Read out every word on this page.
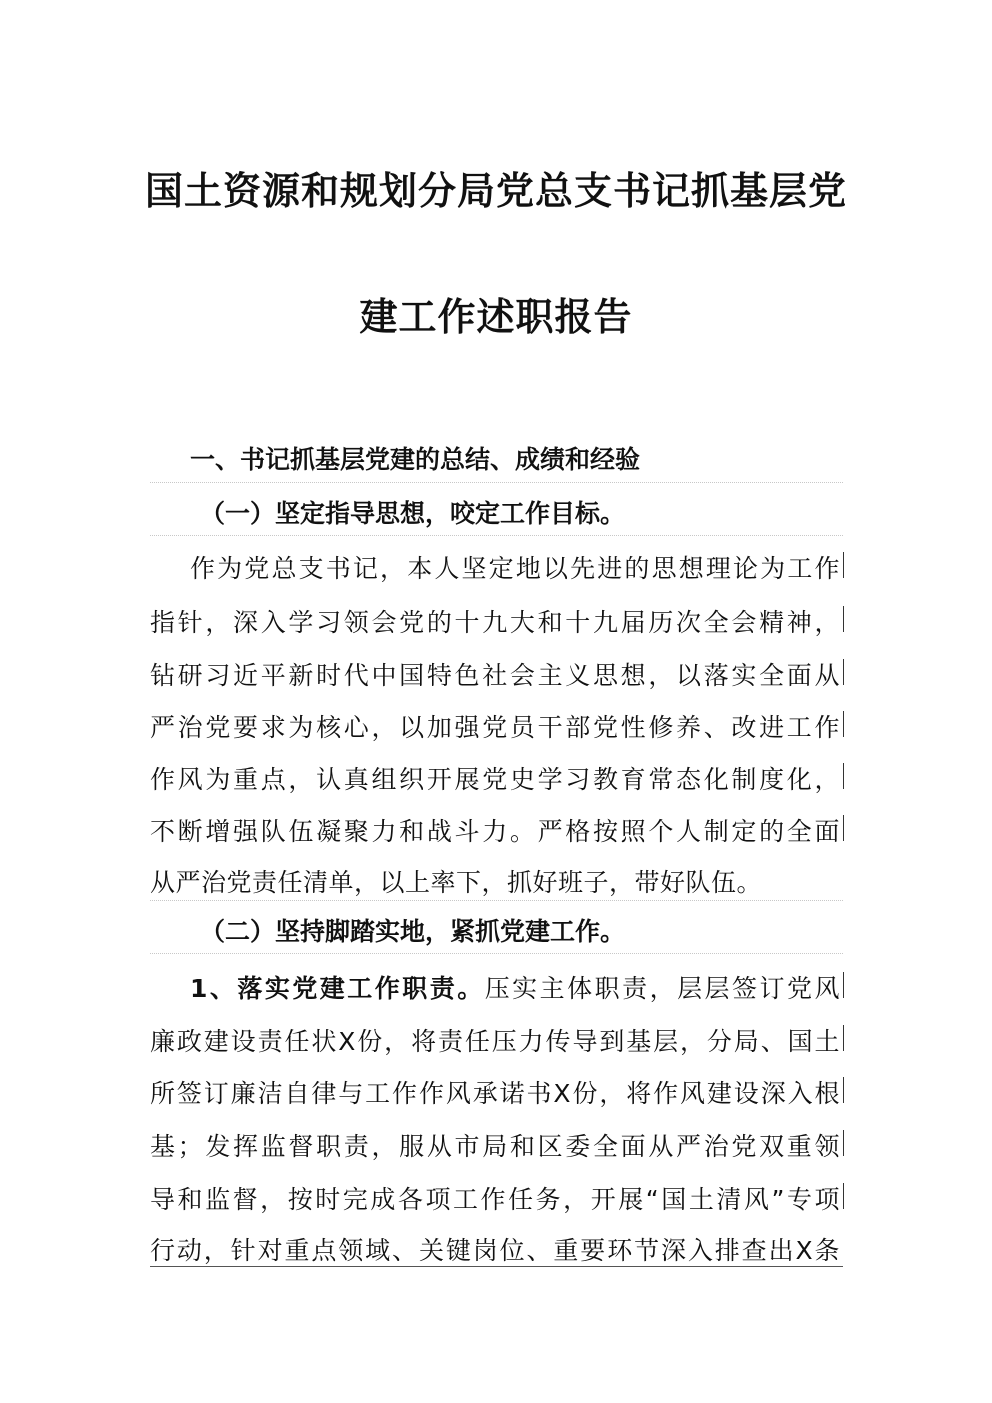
国土资源和规划分局党总支书记抓基层党
建工作述职报告
一、书记抓基层党建的总结、成绩和经验
（一）坚定指导思想，咬定工作目标。
作为党总支书记，本人坚定地以先进的思想理论为工作
指针，深入学习领会党的十九大和十九届历次全会精神，
钻研习近平新时代中国特色社会主义思想，以落实全面从
严治党要求为核心，以加强党员干部党性修养、改进工作
作风为重点，认真组织开展党史学习教育常态化制度化，
不断增强队伍凝聚力和战斗力。严格按照个人制定的全面
从严治党责任清单，以上率下，抓好班子，带好队伍。
（二）坚持脚踏实地，紧抓党建工作。
1、落实党建工作职责。压实主体职责，层层签订党风
廉政建设责任状X份，将责任压力传导到基层，分局、国土
所签订廉洁自律与工作作风承诺书X份，将作风建设深入根
基；发挥监督职责，服从市局和区委全面从严治党双重领
导和监督，按时完成各项工作任务，开展“国土清风”专项
行动，针对重点领域、关键岗位、重要环节深入排查出X条
